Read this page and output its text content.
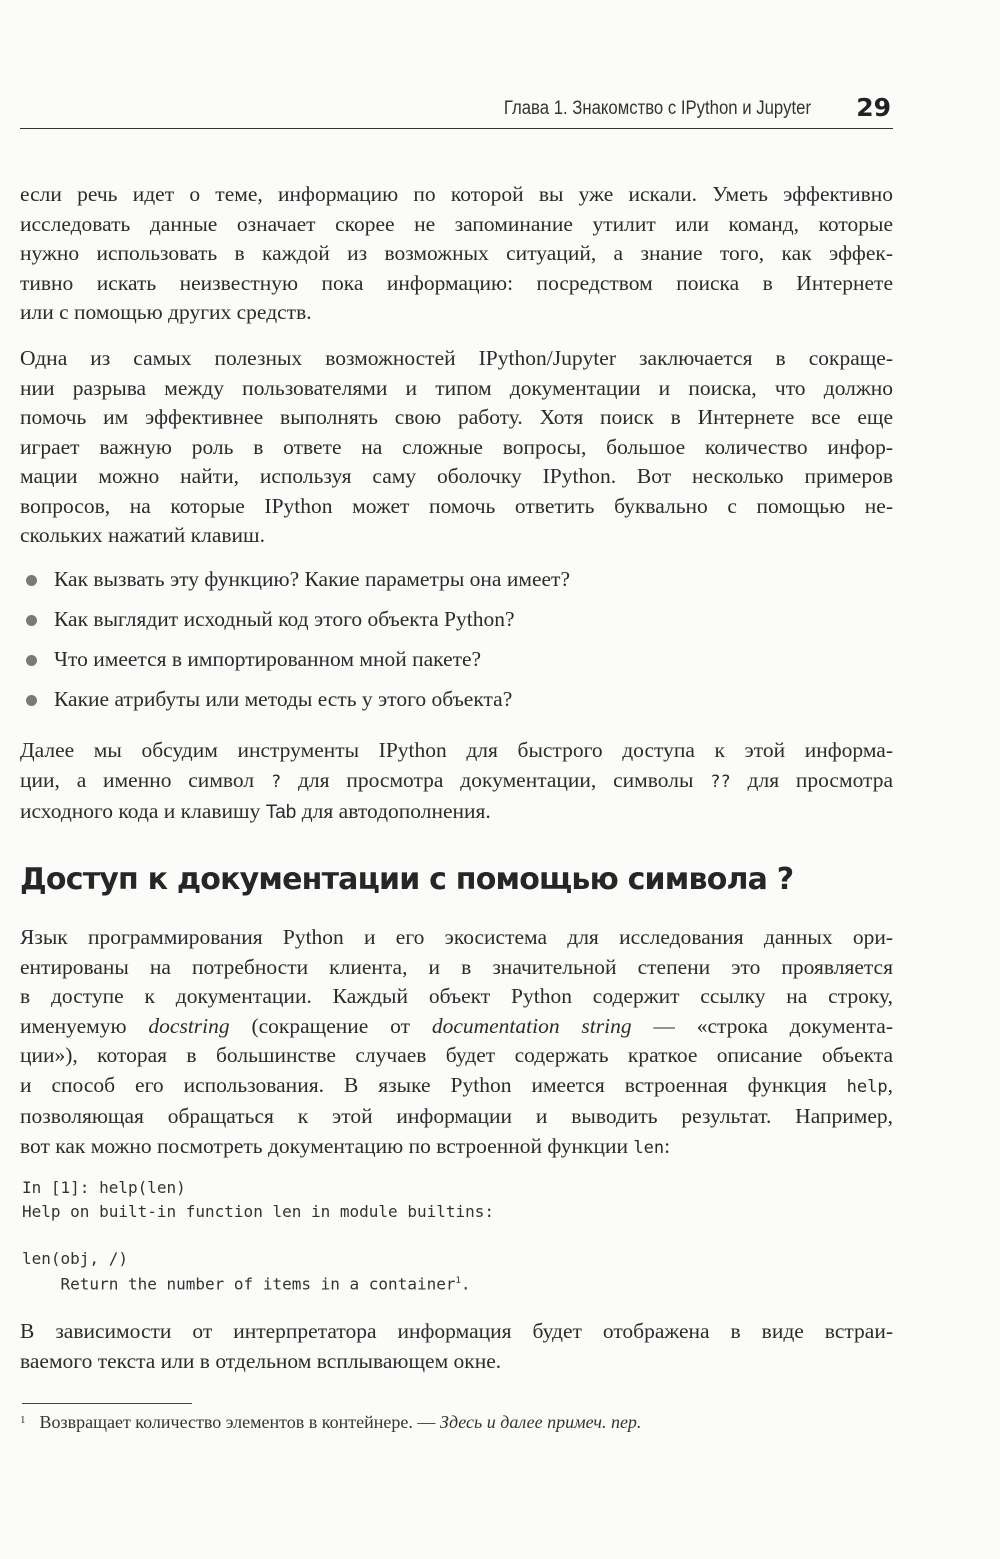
Глава 1. Знакомство с IPython и Jupyter 29
если речь идет о теме, информацию по которой вы уже искали. Уметь эффективно
исследовать данные означает скорее не запоминание утилит или команд, которые
нужно использовать в каждой из возможных ситуаций, а знание того, как эффек-
тивно искать неизвестную пока информацию: посредством поиска в Интернете
или с помощью других средств.
Одна из самых полезных возможностей IPython/Jupyter заключается в сокраще-
нии разрыва между пользователями и типом документации и поиска, что должно
помочь им эффективнее выполнять свою работу. Хотя поиск в Интернете все еще
играет важную роль в ответе на сложные вопросы, большое количество инфор-
мации можно найти, используя саму оболочку IPython. Вот несколько примеров
вопросов, на которые IPython может помочь ответить буквально с помощью не-
скольких нажатий клавиш.
Как вызвать эту функцию? Какие параметры она имеет?
Как выглядит исходный код этого объекта Python?
Что имеется в импортированном мной пакете?
Какие атрибуты или методы есть у этого объекта?
Далее мы обсудим инструменты IPython для быстрого доступа к этой информа-
ции, а именно символ ? для просмотра документации, символы ?? для просмотра
исходного кода и клавишу Tab для автодополнения.
Доступ к документации с помощью символа ?
Язык программирования Python и его экосистема для исследования данных ори-
ентированы на потребности клиента, и в значительной степени это проявляется
в доступе к документации. Каждый объект Python содержит ссылку на строку,
именуемую docstring (сокращение от documentation string — «строка документа-
ции»), которая в большинстве случаев будет содержать краткое описание объекта
и способ его использования. В языке Python имеется встроенная функция help,
позволяющая обращаться к этой информации и выводить результат. Например,
вот как можно посмотреть документацию по встроенной функции len:
In [1]: help(len)
Help on built-in function len in module builtins:

len(obj, /)
Return the number of items in a container$^1$.
В зависимости от интерпретатора информация будет отображена в виде встраи-
ваемого текста или в отдельном всплывающем окне.
$^1$ Возвращает количество элементов в контейнере. — Здесь и далее примеч. пер.
